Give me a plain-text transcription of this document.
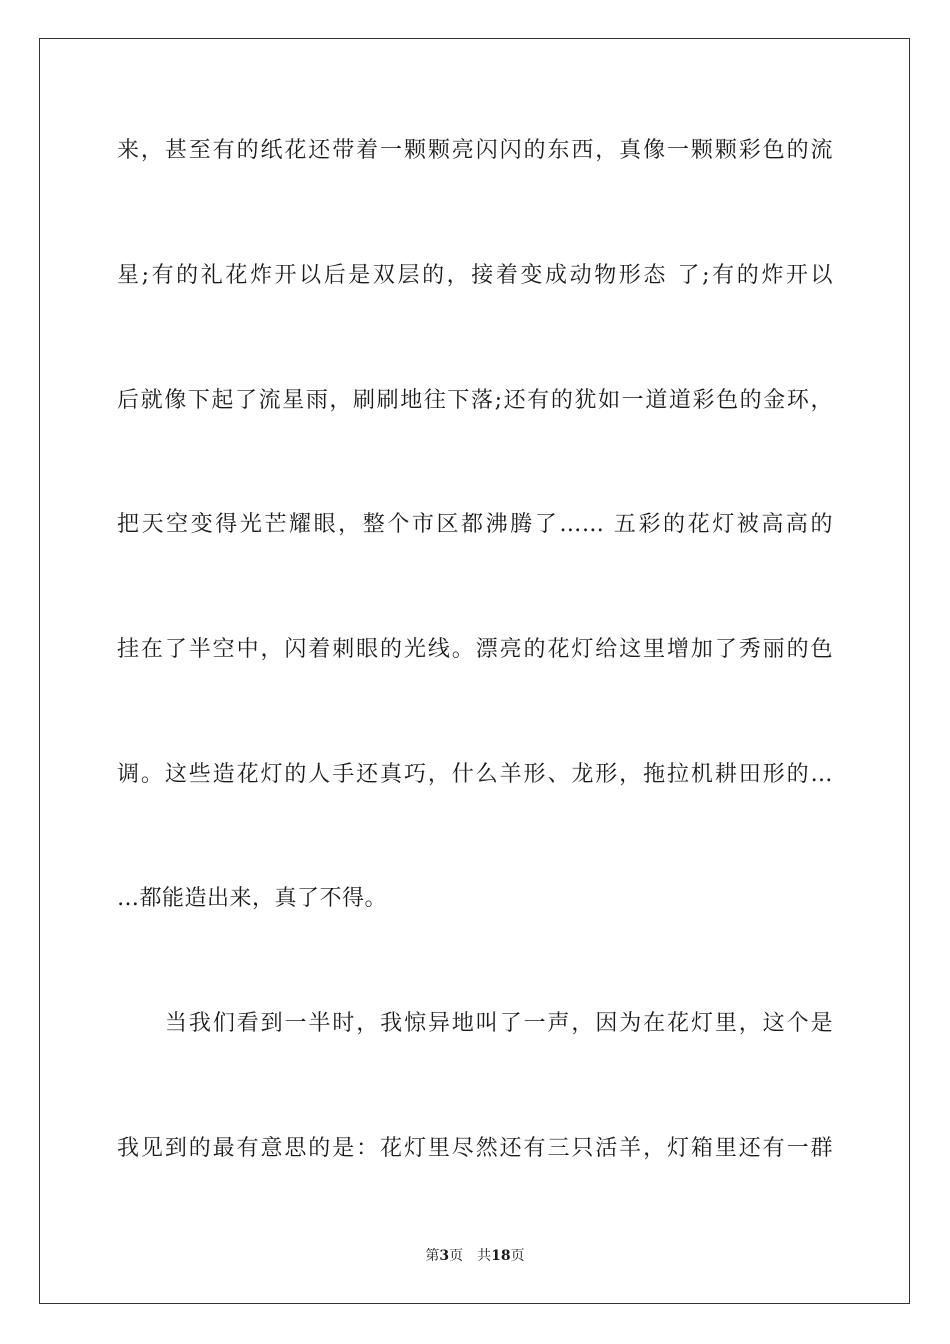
来，甚至有的纸花还带着一颗颗亮闪闪的东西，真像一颗颗彩色的流
星;有的礼花炸开以后是双层的，接着变成动物形态 了;有的炸开以
后就像下起了流星雨，刷刷地往下落;还有的犹如一道道彩色的金环，
把天空变得光芒耀眼，整个市区都沸腾了…… 五彩的花灯被高高的
挂在了半空中，闪着刺眼的光线。漂亮的花灯给这里增加了秀丽的色
调。这些造花灯的人手还真巧，什么羊形、龙形，拖拉机耕田形的…
…都能造出来，真了不得。
当我们看到一半时，我惊异地叫了一声，因为在花灯里，这个是
我见到的最有意思的是：花灯里尽然还有三只活羊，灯箱里还有一群
第3页 共18页
